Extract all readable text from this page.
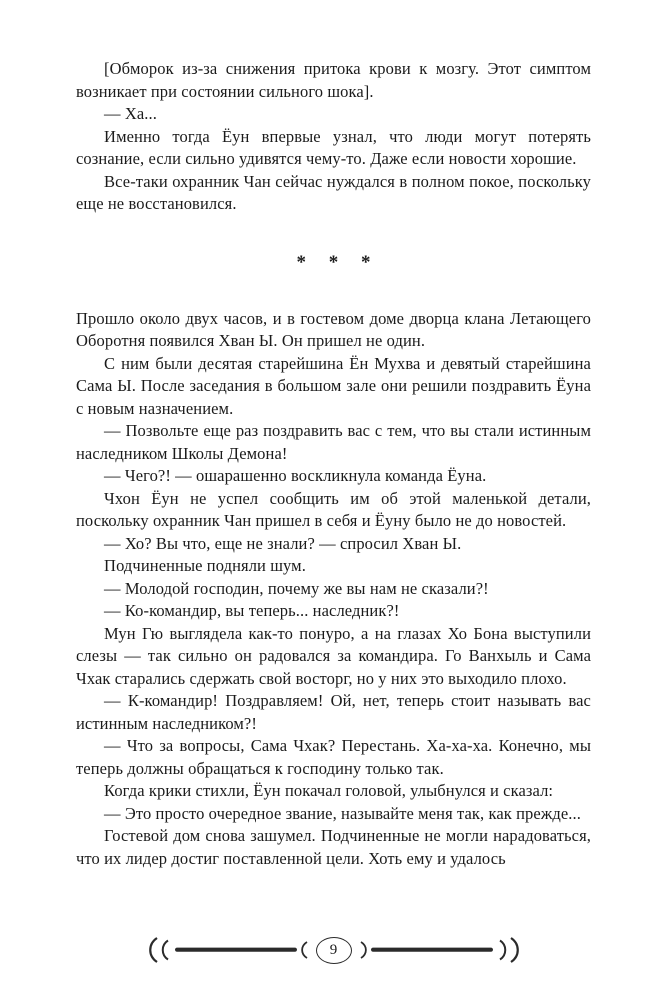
[Обморок из-за снижения притока крови к мозгу. Этот симптом возникает при состоянии сильного шока].

— Ха...

Именно тогда Ёун впервые узнал, что люди могут потерять сознание, если сильно удивятся чему-то. Даже если новости хорошие.

Все-таки охранник Чан сейчас нуждался в полном покое, поскольку еще не восстановился.

* * *

Прошло около двух часов, и в гостевом доме дворца клана Летающего Оборотня появился Хван Ы. Он пришел не один.

С ним были десятая старейшина Ён Мухва и девятый старейшина Сама Ы. После заседания в большом зале они решили поздравить Ёуна с новым назначением.

— Позвольте еще раз поздравить вас с тем, что вы стали истинным наследником Школы Демона!

— Чего?! — ошарашенно воскликнула команда Ёуна.

Чхон Ёун не успел сообщить им об этой маленькой детали, поскольку охранник Чан пришел в себя и Ёуну было не до новостей.

— Хо? Вы что, еще не знали? — спросил Хван Ы.

Подчиненные подняли шум.

— Молодой господин, почему же вы нам не сказали?!

— Ко-командир, вы теперь... наследник?!

Мун Гю выглядела как-то понуро, а на глазах Хо Бона выступили слезы — так сильно он радовался за командира. Го Ванхыль и Сама Чхак старались сдержать свой восторг, но у них это выходило плохо.

— К-командир! Поздравляем! Ой, нет, теперь стоит называть вас истинным наследником?!

— Что за вопросы, Сама Чхак? Перестань. Ха-ха-ха. Конечно, мы теперь должны обращаться к господину только так.

Когда крики стихли, Ёун покачал головой, улыбнулся и сказал:

— Это просто очередное звание, называйте меня так, как прежде...

Гостевой дом снова зашумел. Подчиненные не могли нарадоваться, что их лидер достиг поставленной цели. Хоть ему и удалось

9
